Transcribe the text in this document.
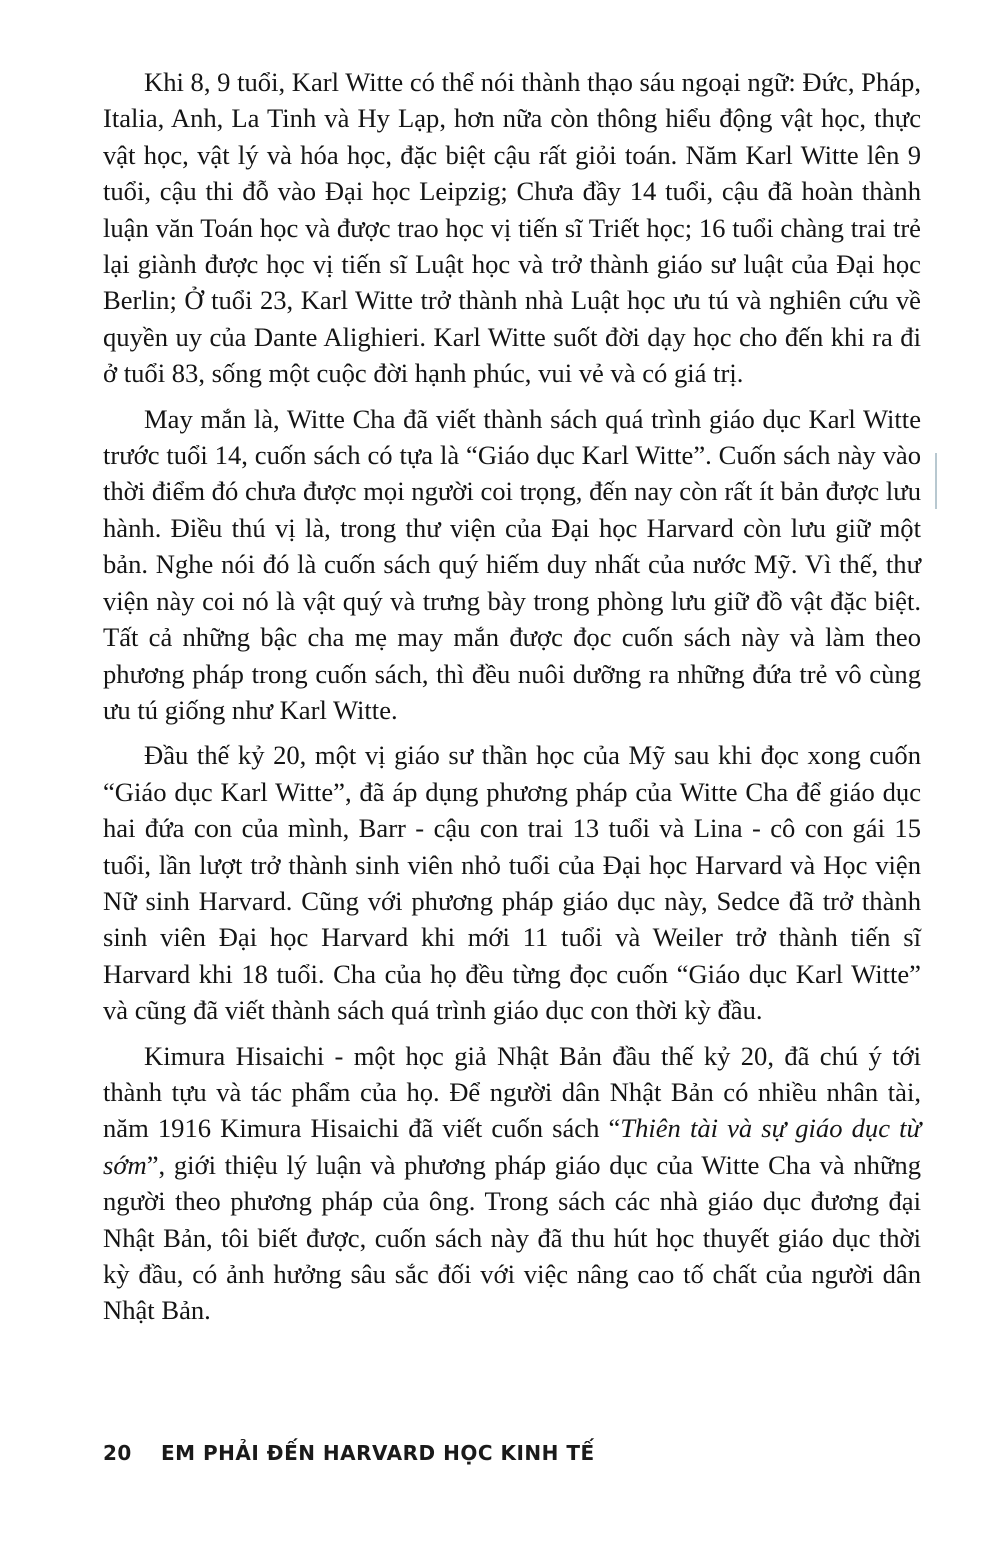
Khi 8, 9 tuổi, Karl Witte có thể nói thành thạo sáu ngoại ngữ: Đức, Pháp, Italia, Anh, La Tinh và Hy Lạp, hơn nữa còn thông hiểu động vật học, thực vật học, vật lý và hóa học, đặc biệt cậu rất giỏi toán. Năm Karl Witte lên 9 tuổi, cậu thi đỗ vào Đại học Leipzig; Chưa đầy 14 tuổi, cậu đã hoàn thành luận văn Toán học và được trao học vị tiến sĩ Triết học; 16 tuổi chàng trai trẻ lại giành được học vị tiến sĩ Luật học và trở thành giáo sư luật của Đại học Berlin; Ở tuổi 23, Karl Witte trở thành nhà Luật học ưu tú và nghiên cứu về quyền uy của Dante Alighieri. Karl Witte suốt đời dạy học cho đến khi ra đi ở tuổi 83, sống một cuộc đời hạnh phúc, vui vẻ và có giá trị.

May mắn là, Witte Cha đã viết thành sách quá trình giáo dục Karl Witte trước tuổi 14, cuốn sách có tựa là “Giáo dục Karl Witte”. Cuốn sách này vào thời điểm đó chưa được mọi người coi trọng, đến nay còn rất ít bản được lưu hành. Điều thú vị là, trong thư viện của Đại học Harvard còn lưu giữ một bản. Nghe nói đó là cuốn sách quý hiếm duy nhất của nước Mỹ. Vì thế, thư viện này coi nó là vật quý và trưng bày trong phòng lưu giữ đồ vật đặc biệt. Tất cả những bậc cha mẹ may mắn được đọc cuốn sách này và làm theo phương pháp trong cuốn sách, thì đều nuôi dưỡng ra những đứa trẻ vô cùng ưu tú giống như Karl Witte.

Đầu thế kỷ 20, một vị giáo sư thần học của Mỹ sau khi đọc xong cuốn “Giáo dục Karl Witte”, đã áp dụng phương pháp của Witte Cha để giáo dục hai đứa con của mình, Barr - cậu con trai 13 tuổi và Lina - cô con gái 15 tuổi, lần lượt trở thành sinh viên nhỏ tuổi của Đại học Harvard và Học viện Nữ sinh Harvard. Cũng với phương pháp giáo dục này, Sedce đã trở thành sinh viên Đại học Harvard khi mới 11 tuổi và Weiler trở thành tiến sĩ Harvard khi 18 tuổi. Cha của họ đều từng đọc cuốn “Giáo dục Karl Witte” và cũng đã viết thành sách quá trình giáo dục con thời kỳ đầu.

Kimura Hisaichi - một học giả Nhật Bản đầu thế kỷ 20, đã chú ý tới thành tựu và tác phẩm của họ. Để người dân Nhật Bản có nhiều nhân tài, năm 1916 Kimura Hisaichi đã viết cuốn sách “Thiên tài và sự giáo dục từ sớm”, giới thiệu lý luận và phương pháp giáo dục của Witte Cha và những người theo phương pháp của ông. Trong sách các nhà giáo dục đương đại Nhật Bản, tôi biết được, cuốn sách này đã thu hút học thuyết giáo dục thời kỳ đầu, có ảnh hưởng sâu sắc đối với việc nâng cao tố chất của người dân Nhật Bản.

20 EM PHẢI ĐẾN HARVARD HỌC KINH TẾ
